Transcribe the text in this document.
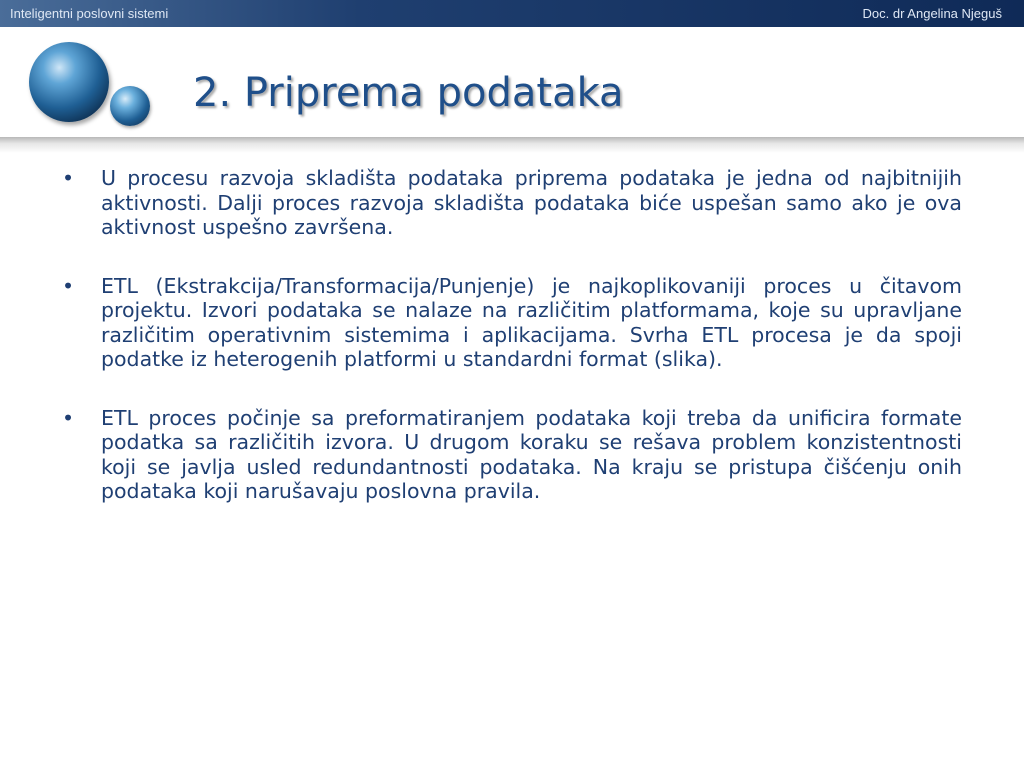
Inteligentni poslovni sistemi	Doc. dr Angelina Njeguš
2. Priprema podataka

• U procesu razvoja skladišta podataka priprema podataka je jedna od najbitnijih aktivnosti. Dalji proces razvoja skladišta podataka biće uspešan samo ako je ova aktivnost uspešno završena.

• ETL (Ekstrakcija/Transformacija/Punjenje) je najkoplikovaniji proces u čitavom projektu. Izvori podataka se nalaze na različitim platformama, koje su upravljane različitim operativnim sistemima i aplikacijama. Svrha ETL procesa je da spoji podatke iz heterogenih platformi u standardni format (slika).

• ETL proces počinje sa preformatiranjem podataka koji treba da unificira formate podatka sa različitih izvora. U drugom koraku se rešava problem konzistentnosti koji se javlja usled redundantnosti podataka. Na kraju se pristupa čišćenju onih podataka koji narušavaju poslovna pravila.
